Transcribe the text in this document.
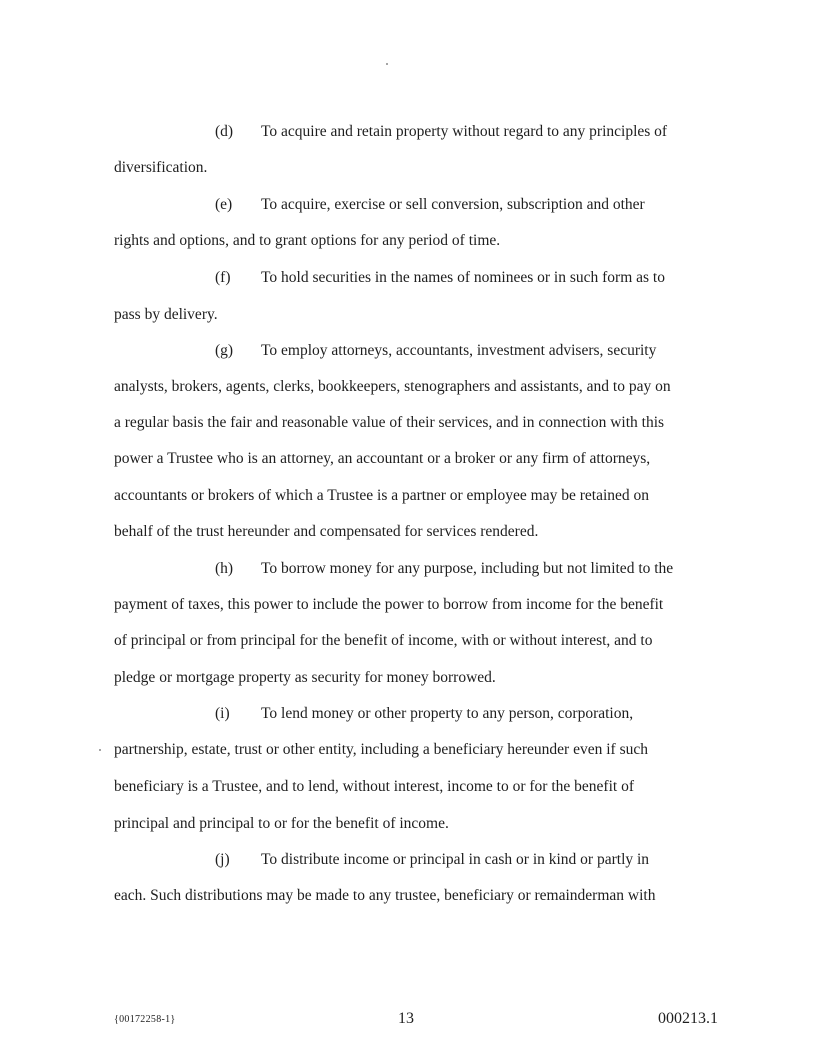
(d) To acquire and retain property without regard to any principles of
diversification.
(e) To acquire, exercise or sell conversion, subscription and other
rights and options, and to grant options for any period of time.
(f) To hold securities in the names of nominees or in such form as to
pass by delivery.
(g) To employ attorneys, accountants, investment advisers, security
analysts, brokers, agents, clerks, bookkeepers, stenographers and assistants, and to pay on
a regular basis the fair and reasonable value of their services, and in connection with this
power a Trustee who is an attorney, an accountant or a broker or any firm of attorneys,
accountants or brokers of which a Trustee is a partner or employee may be retained on
behalf of the trust hereunder and compensated for services rendered.
(h) To borrow money for any purpose, including but not limited to the
payment of taxes, this power to include the power to borrow from income for the benefit
of principal or from principal for the benefit of income, with or without interest, and to
pledge or mortgage property as security for money borrowed.
(i) To lend money or other property to any person, corporation,
partnership, estate, trust or other entity, including a beneficiary hereunder even if such
beneficiary is a Trustee, and to lend, without interest, income to or for the benefit of
principal and principal to or for the benefit of income.
(j) To distribute income or principal in cash or in kind or partly in
each. Such distributions may be made to any trustee, beneficiary or remainderman with
{00172258-1}	13	000213.1
